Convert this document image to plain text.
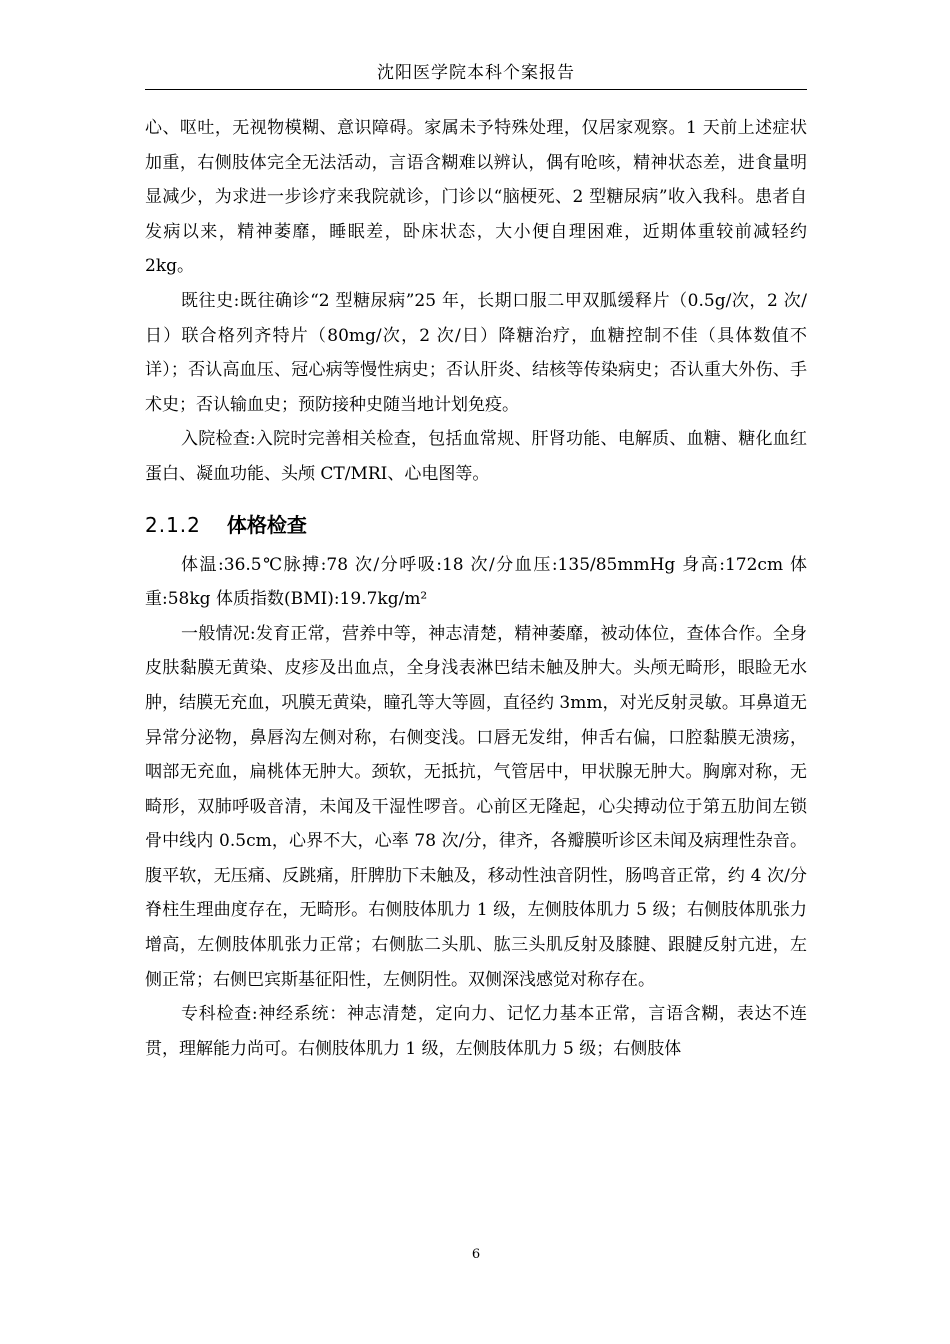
沈阳医学院本科个案报告

心、呕吐，无视物模糊、意识障碍。家属未予特殊处理，仅居家观察。1 天前上述症状加重，右侧肢体完全无法活动，言语含糊难以辨认，偶有呛咳，精神状态差，进食量明显减少，为求进一步诊疗来我院就诊，门诊以“脑梗死、2 型糖尿病”收入我科。患者自发病以来，精神萎靡，睡眠差，卧床状态，大小便自理困难，近期体重较前减轻约 2kg。

既往史:既往确诊“2 型糖尿病”25 年，长期口服二甲双胍缓释片（0.5g/次，2 次/日）联合格列齐特片（80mg/次，2 次/日）降糖治疗，血糖控制不佳（具体数值不详）；否认高血压、冠心病等慢性病史；否认肝炎、结核等传染病史；否认重大外伤、手术史；否认输血史；预防接种史随当地计划免疫。

入院检查:入院时完善相关检查，包括血常规、肝肾功能、电解质、血糖、糖化血红蛋白、凝血功能、头颅 CT/MRI、心电图等。

2.1.2 体格检查

体温:36.5℃脉搏:78 次/分呼吸:18 次/分血压:135/85mmHg 身高:172cm 体重:58kg 体质指数(BMI):19.7kg/m²

一般情况:发育正常，营养中等，神志清楚，精神萎靡，被动体位，查体合作。全身皮肤黏膜无黄染、皮疹及出血点，全身浅表淋巴结未触及肿大。头颅无畸形，眼睑无水肿，结膜无充血，巩膜无黄染，瞳孔等大等圆，直径约 3mm，对光反射灵敏。耳鼻道无异常分泌物，鼻唇沟左侧对称，右侧变浅。口唇无发绀，伸舌右偏，口腔黏膜无溃疡，咽部无充血，扁桃体无肿大。颈软，无抵抗，气管居中，甲状腺无肿大。胸廓对称，无畸形，双肺呼吸音清，未闻及干湿性啰音。心前区无隆起，心尖搏动位于第五肋间左锁骨中线内 0.5cm，心界不大，心率 78 次/分，律齐，各瓣膜听诊区未闻及病理性杂音。腹平软，无压痛、反跳痛，肝脾肋下未触及，移动性浊音阴性，肠鸣音正常，约 4 次/分脊柱生理曲度存在，无畸形。右侧肢体肌力 1 级，左侧肢体肌力 5 级；右侧肢体肌张力增高，左侧肢体肌张力正常；右侧肱二头肌、肱三头肌反射及膝腱、跟腱反射亢进，左侧正常；右侧巴宾斯基征阳性，左侧阴性。双侧深浅感觉对称存在。

专科检查:神经系统：神志清楚，定向力、记忆力基本正常，言语含糊，表达不连贯，理解能力尚可。右侧肢体肌力 1 级，左侧肢体肌力 5 级；右侧肢体

6
